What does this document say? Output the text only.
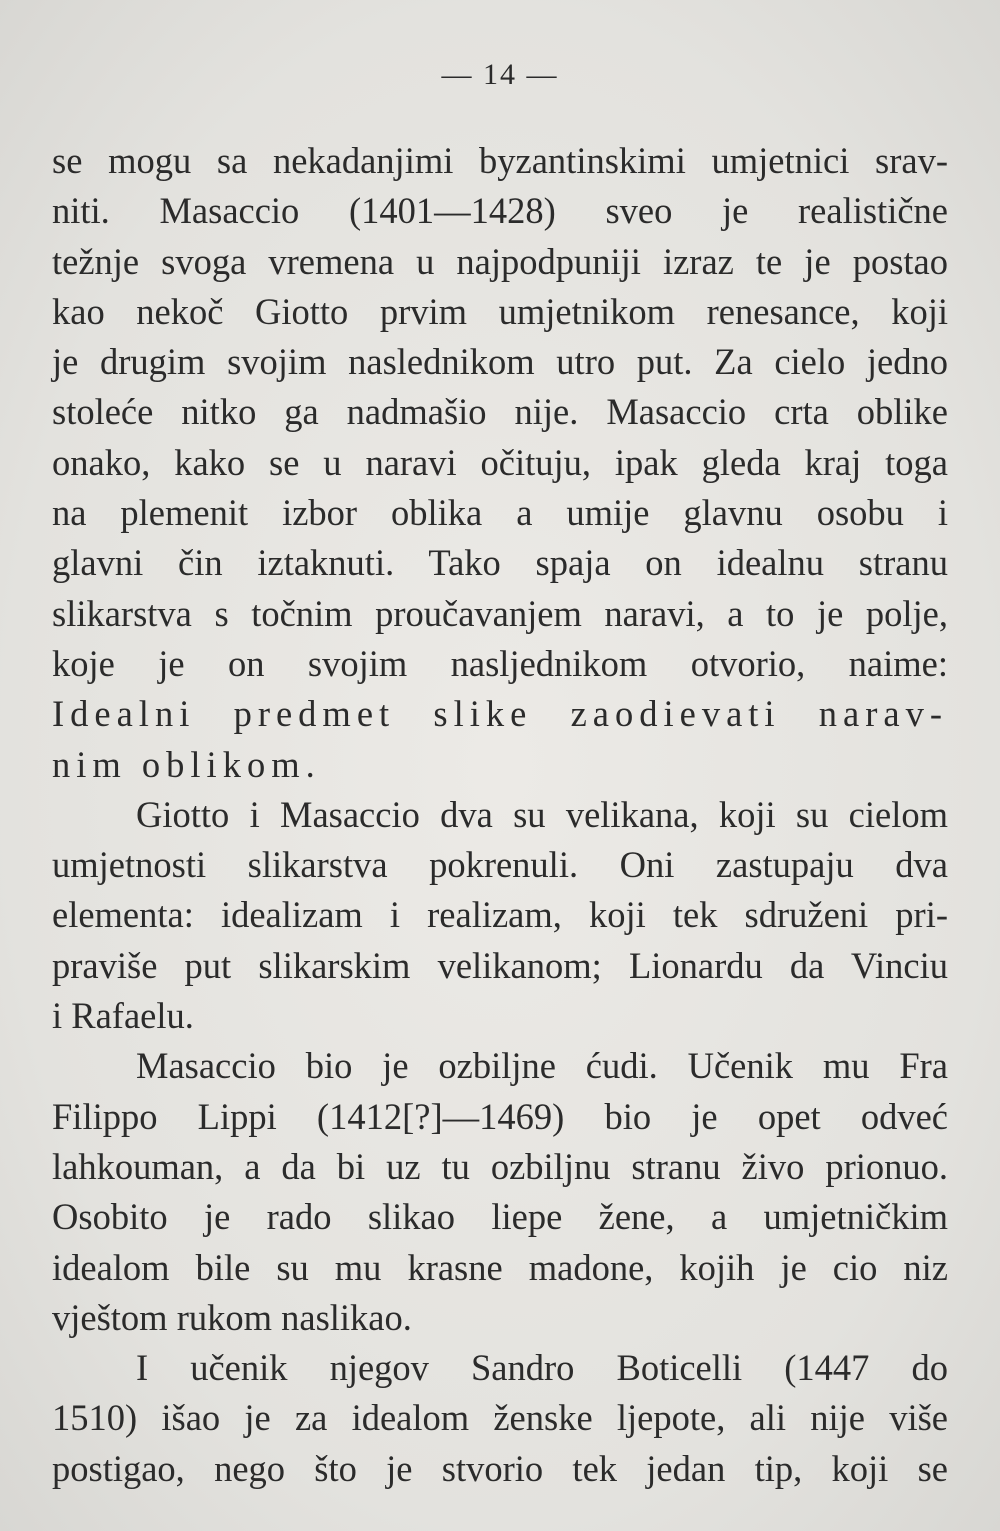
— 14 —
se mogu sa nekadanjimi byzantinskimi umjetnici srav-
niti. Masaccio (1401—1428) sveo je realistične
težnje svoga vremena u najpodpuniji izraz te je postao
kao nekoč Giotto prvim umjetnikom renesance, koji
je drugim svojim naslednikom utro put. Za cielo jedno
stoleće nitko ga nadmašio nije. Masaccio crta oblike
onako, kako se u naravi očituju, ipak gleda kraj toga
na plemenit izbor oblika a umije glavnu osobu i
glavni čin iztaknuti. Tako spaja on idealnu stranu
slikarstva s točnim proučavanjem naravi, a to je polje,
koje je on svojim nasljednikom otvorio, naime:
Idealni predmet slike zaodievati narav-
nim oblikom.
Giotto i Masaccio dva su velikana, koji su cielom
umjetnosti slikarstva pokrenuli. Oni zastupaju dva
elementa: idealizam i realizam, koji tek sdruženi pri-
praviše put slikarskim velikanom; Lionardu da Vinciu
i Rafaelu.
Masaccio bio je ozbiljne ćudi. Učenik mu Fra
Filippo Lippi (1412[?]—1469) bio je opet odveć
lahkouman, a da bi uz tu ozbiljnu stranu živo prionuo.
Osobito je rado slikao liepe žene, a umjetničkim
idealom bile su mu krasne madone, kojih je cio niz
vještom rukom naslikao.
I učenik njegov Sandro Boticelli (1447 do
1510) išao je za idealom ženske ljepote, ali nije više
postigao, nego što je stvorio tek jedan tip, koji se
